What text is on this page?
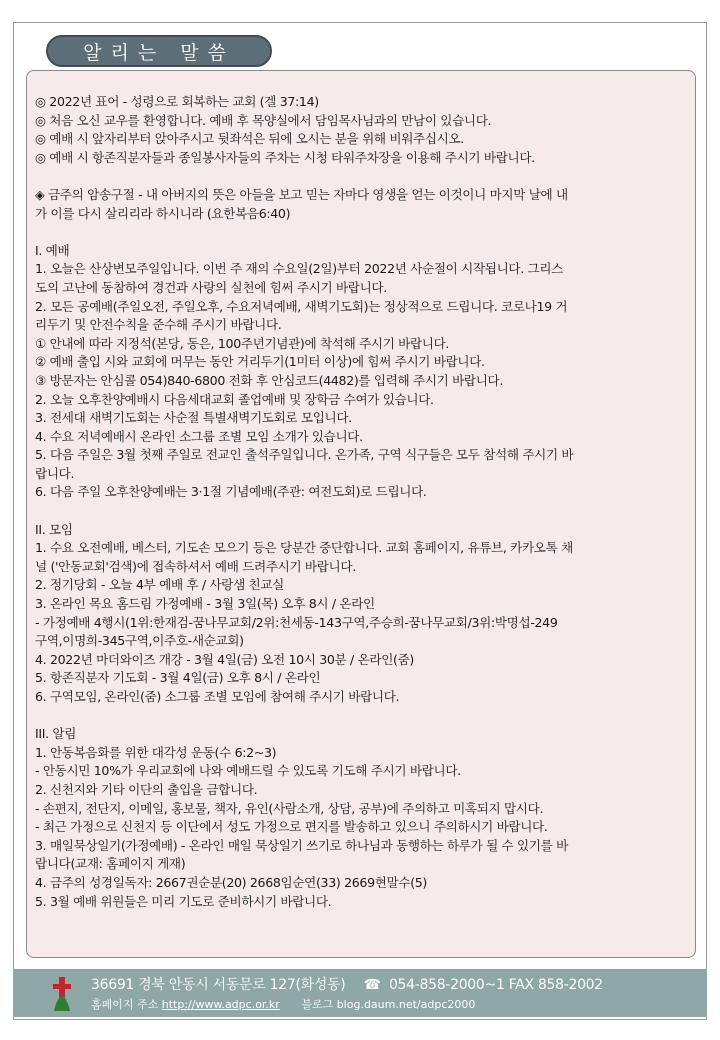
알리는 말씀

◎ 2022년 표어 - 성령으로 회복하는 교회 (겔 37:14)

◎ 처음 오신 교우를 환영합니다. 예배 후 목양실에서 담임목사님과의 만남이 있습니다.

◎ 예배 시 앞자리부터 앉아주시고 뒷좌석은 뒤에 오시는 분을 위해 비워주십시오.

◎ 예배 시 항존직분자들과 종일봉사자들의 주차는 시청 타워주차장을 이용해 주시기 바랍니다.

◈ 금주의 암송구절 - 내 아버지의 뜻은 아들을 보고 믿는 자마다 영생을 얻는 이것이니 마지막 날에 내

가 이를 다시 살리리라 하시니라 (요한복음6:40)

I. 예배

1. 오늘은 산상변모주일입니다. 이번 주 재의 수요일(2일)부터 2022년 사순절이 시작됩니다. 그리스

도의 고난에 동참하여 경건과 사랑의 실천에 힘써 주시기 바랍니다.

2. 모든 공예배(주일오전, 주일오후, 수요저녁예배, 새벽기도회)는 정상적으로 드립니다. 코로나19 거

리두기 및 안전수칙을 준수해 주시기 바랍니다.

① 안내에 따라 지정석(본당, 동은, 100주년기념관)에 착석해 주시기 바랍니다.

② 예배 출입 시와 교회에 머무는 동안 거리두기(1미터 이상)에 힘써 주시기 바랍니다.

③ 방문자는 안심콜 054)840-6800 전화 후 안심코드(4482)를 입력해 주시기 바랍니다.

2. 오늘 오후찬양예배시 다음세대교회 졸업예배 및 장학금 수여가 있습니다.

3. 전세대 새벽기도회는 사순절 특별새벽기도회로 모입니다.

4. 수요 저녁예배시 온라인 소그룹 조별 모임 소개가 있습니다.

5. 다음 주일은 3월 첫째 주일로 전교인 출석주일입니다. 온가족, 구역 식구들은 모두 참석해 주시기 바

랍니다.

6. 다음 주일 오후찬양예배는 3·1절 기념예배(주관: 여전도회)로 드립니다.

II. 모임

1. 수요 오전예배, 베스터, 기도손 모으기 등은 당분간 중단합니다. 교회 홈페이지, 유튜브, 카카오톡 채

널 ('안동교회'검색)에 접속하셔서 예배 드려주시기 바랍니다.

2. 정기당회 - 오늘 4부 예배 후 / 사랑샘 친교실

3. 온라인 목요 홈드림 가정예배 - 3월 3일(목) 오후 8시 / 온라인

- 가정예배 4행시(1위:한재검-꿈나무교회/2위:천세동-143구역,주승희-꿈나무교회/3위:박명섭-249

구역,이명희-345구역,이주호-새순교회)

4. 2022년 마더와이즈 개강 - 3월 4일(금) 오전 10시 30분 / 온라인(줌)

5. 항존직분자 기도회 - 3월 4일(금) 오후 8시 / 온라인

6. 구역모임, 온라인(줌) 소그룹 조별 모임에 참여해 주시기 바랍니다.

III. 알림

1. 안동복음화를 위한 대각성 운동(수 6:2~3)

- 안동시민 10%가 우리교회에 나와 예배드릴 수 있도록 기도해 주시기 바랍니다.

2. 신천지와 기타 이단의 출입을 금합니다.

- 손편지, 전단지, 이메일, 홍보물, 책자, 유인(사람소개, 상담, 공부)에 주의하고 미혹되지 맙시다.

- 최근 가정으로 신천지 등 이단에서 성도 가정으로 편지를 발송하고 있으니 주의하시기 바랍니다.

3. 매일묵상일기(가정예배) - 온라인 매일 묵상일기 쓰기로 하나님과 동행하는 하루가 될 수 있기를 바

랍니다(교재: 홈페이지 게재)

4. 금주의 성경일독자: 2667권순분(20) 2668임순연(33) 2669현말수(5)

5. 3월 예배 위원들은 미리 기도로 준비하시기 바랍니다.

36691 경북 안동시 서동문로 127(화성동) ☎ 054-858-2000~1 FAX 858-2002
홈페이지 주소 http://www.adpc.or.kr 블로그 blog.daum.net/adpc2000
